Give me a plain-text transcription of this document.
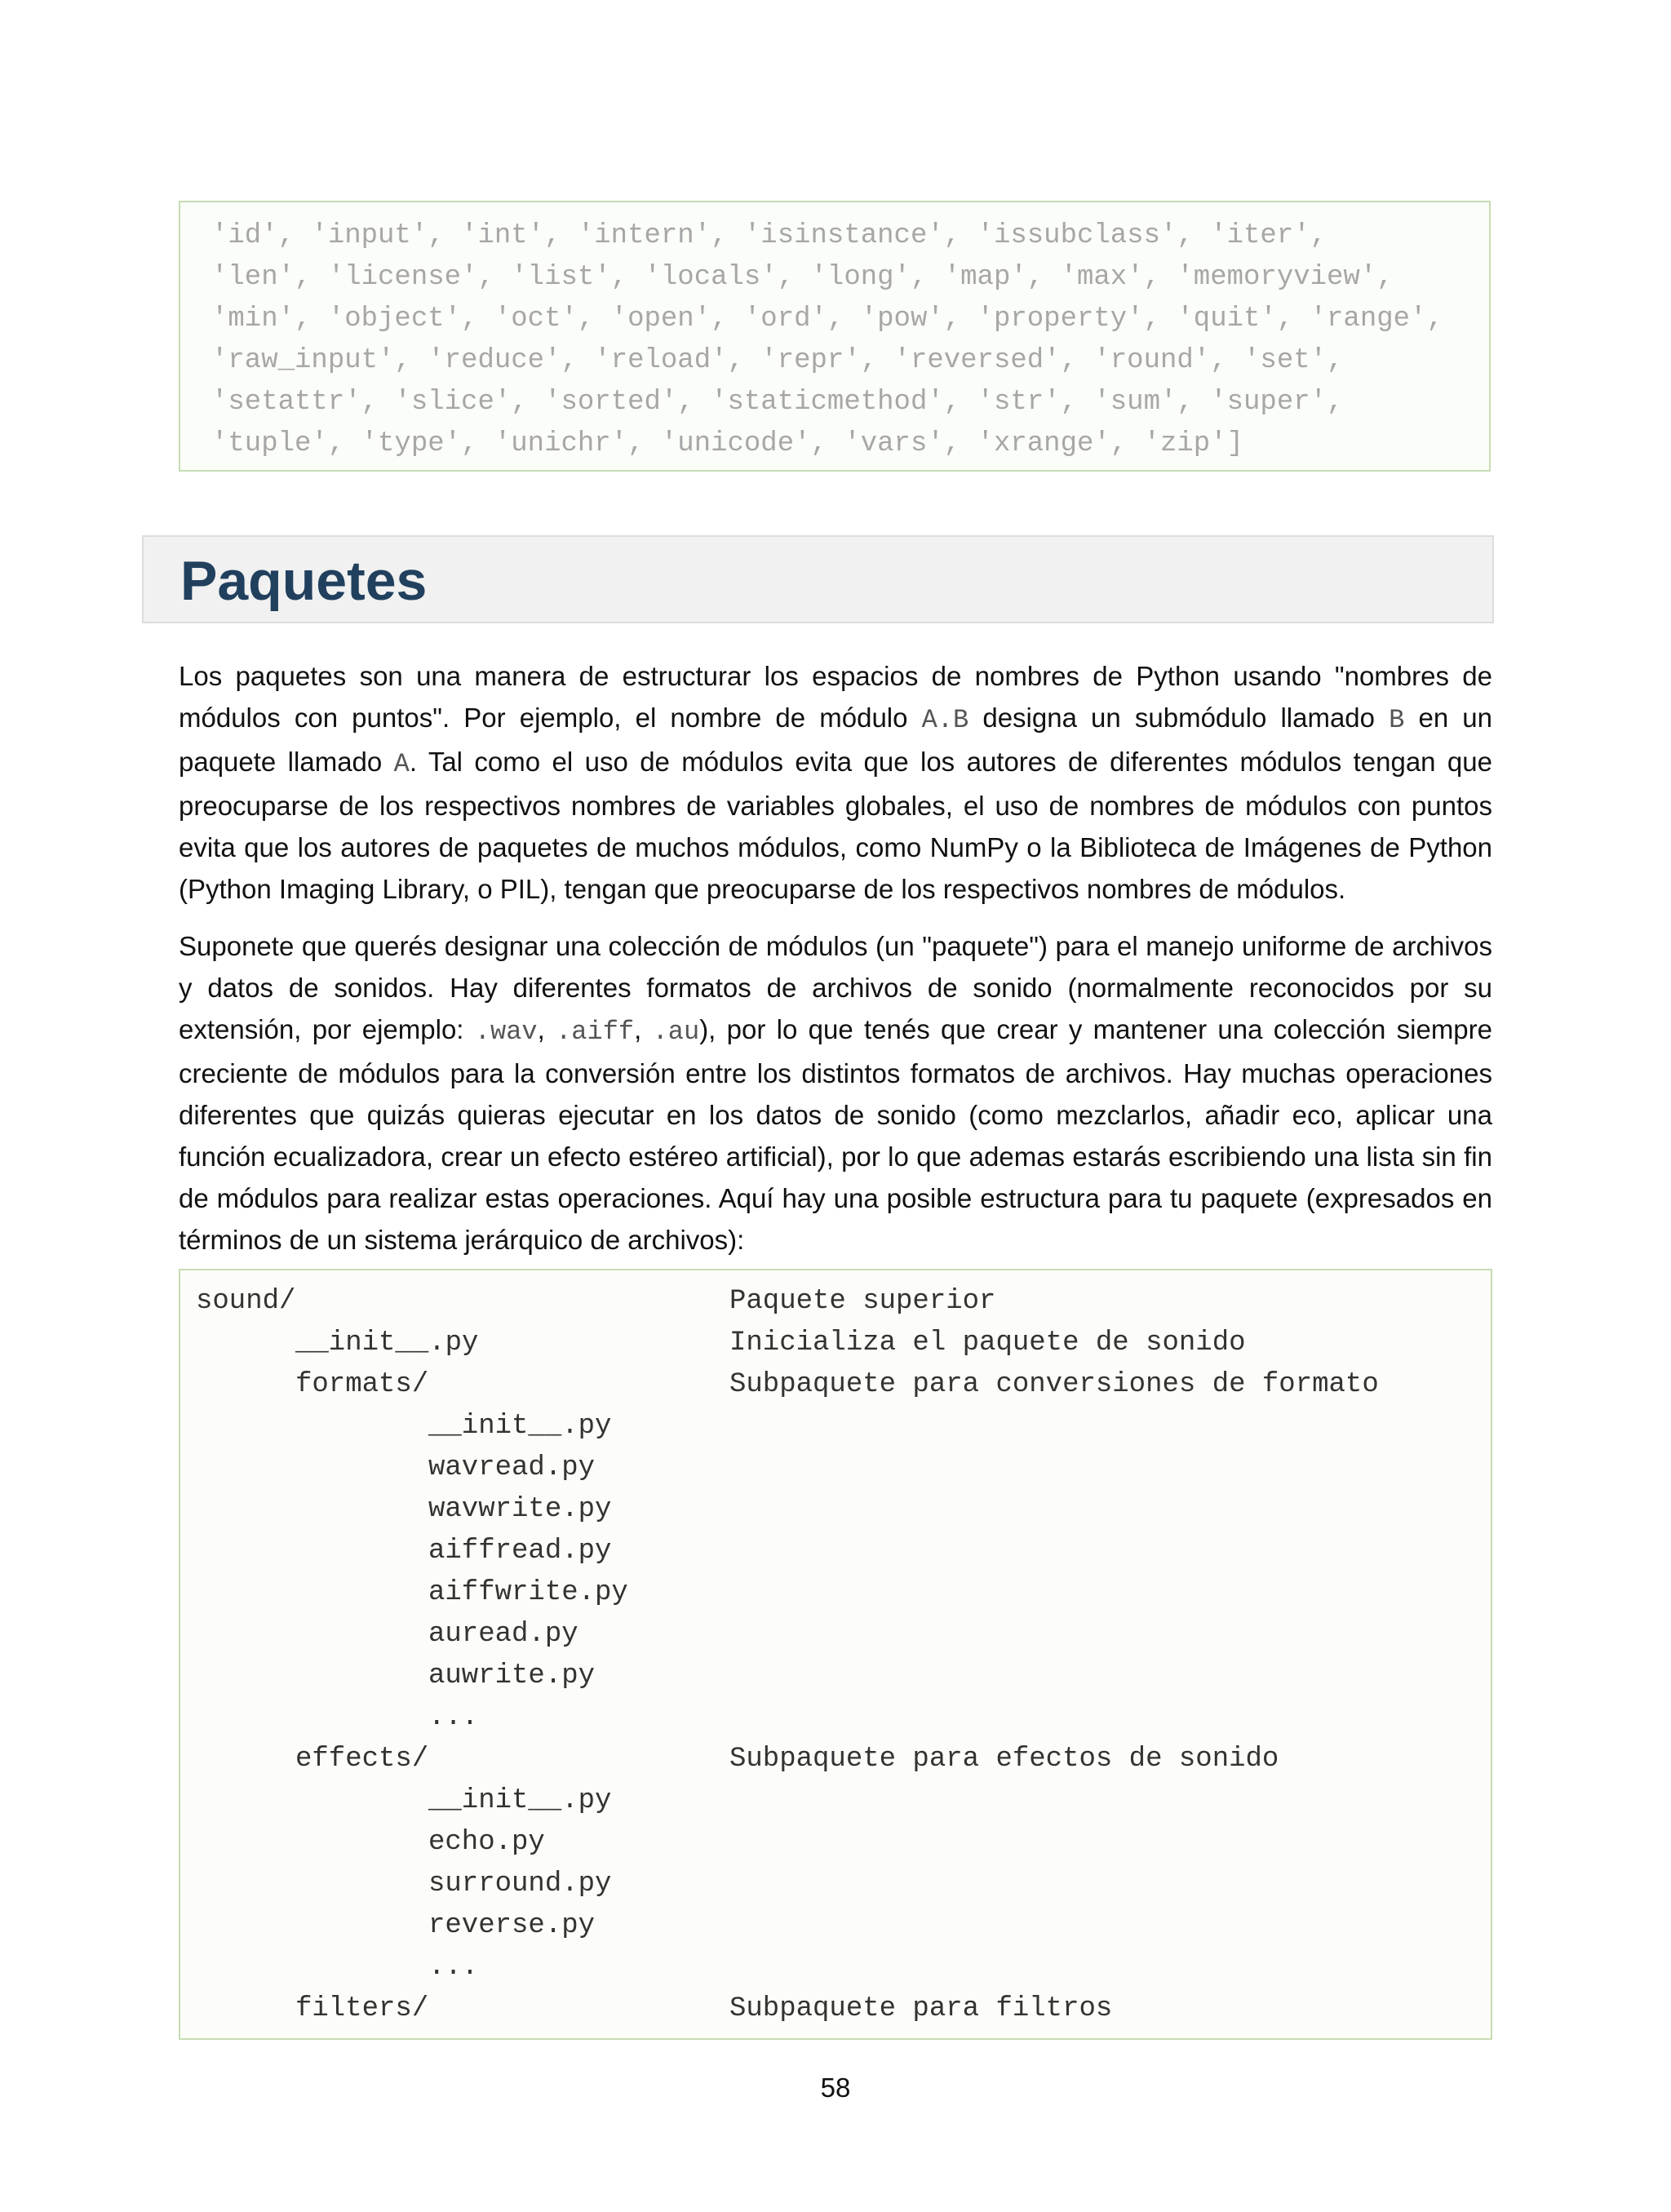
'id', 'input', 'int', 'intern', 'isinstance', 'issubclass', 'iter',
'len', 'license', 'list', 'locals', 'long', 'map', 'max', 'memoryview',
'min', 'object', 'oct', 'open', 'ord', 'pow', 'property', 'quit', 'range',
'raw_input', 'reduce', 'reload', 'repr', 'reversed', 'round', 'set',
'setattr', 'slice', 'sorted', 'staticmethod', 'str', 'sum', 'super',
'tuple', 'type', 'unichr', 'unicode', 'vars', 'xrange', 'zip']
Paquetes

Los paquetes son una manera de estructurar los espacios de nombres de Python usando "nombres de módulos con puntos". Por ejemplo, el nombre de módulo A.B designa un submódulo llamado B en un paquete llamado A. Tal como el uso de módulos evita que los autores de diferentes módulos tengan que preocuparse de los respectivos nombres de variables globales, el uso de nombres de módulos con puntos evita que los autores de paquetes de muchos módulos, como NumPy o la Biblioteca de Imágenes de Python (Python Imaging Library, o PIL), tengan que preocuparse de los respectivos nombres de módulos.

Suponete que querés designar una colección de módulos (un "paquete") para el manejo uniforme de archivos y datos de sonidos. Hay diferentes formatos de archivos de sonido (normalmente reconocidos por su extensión, por ejemplo: .wav, .aiff, .au), por lo que tenés que crear y mantener una colección siempre creciente de módulos para la conversión entre los distintos formatos de archivos. Hay muchas operaciones diferentes que quizás quieras ejecutar en los datos de sonido (como mezclarlos, añadir eco, aplicar una función ecualizadora, crear un efecto estéreo artificial), por lo que ademas estarás escribiendo una lista sin fin de módulos para realizar estas operaciones. Aquí hay una posible estructura para tu paquete (expresados en términos de un sistema jerárquico de archivos):

sound/	Paquete superior
__init__.py	Inicializa el paquete de sonido
formats/	Subpaquete para conversiones de formato
__init__.py
wavread.py
wavwrite.py
aiffread.py
aiffwrite.py
auread.py
auwrite.py
...
effects/	Subpaquete para efectos de sonido
__init__.py
echo.py
surround.py
reverse.py
...
filters/	Subpaquete para filtros
58
